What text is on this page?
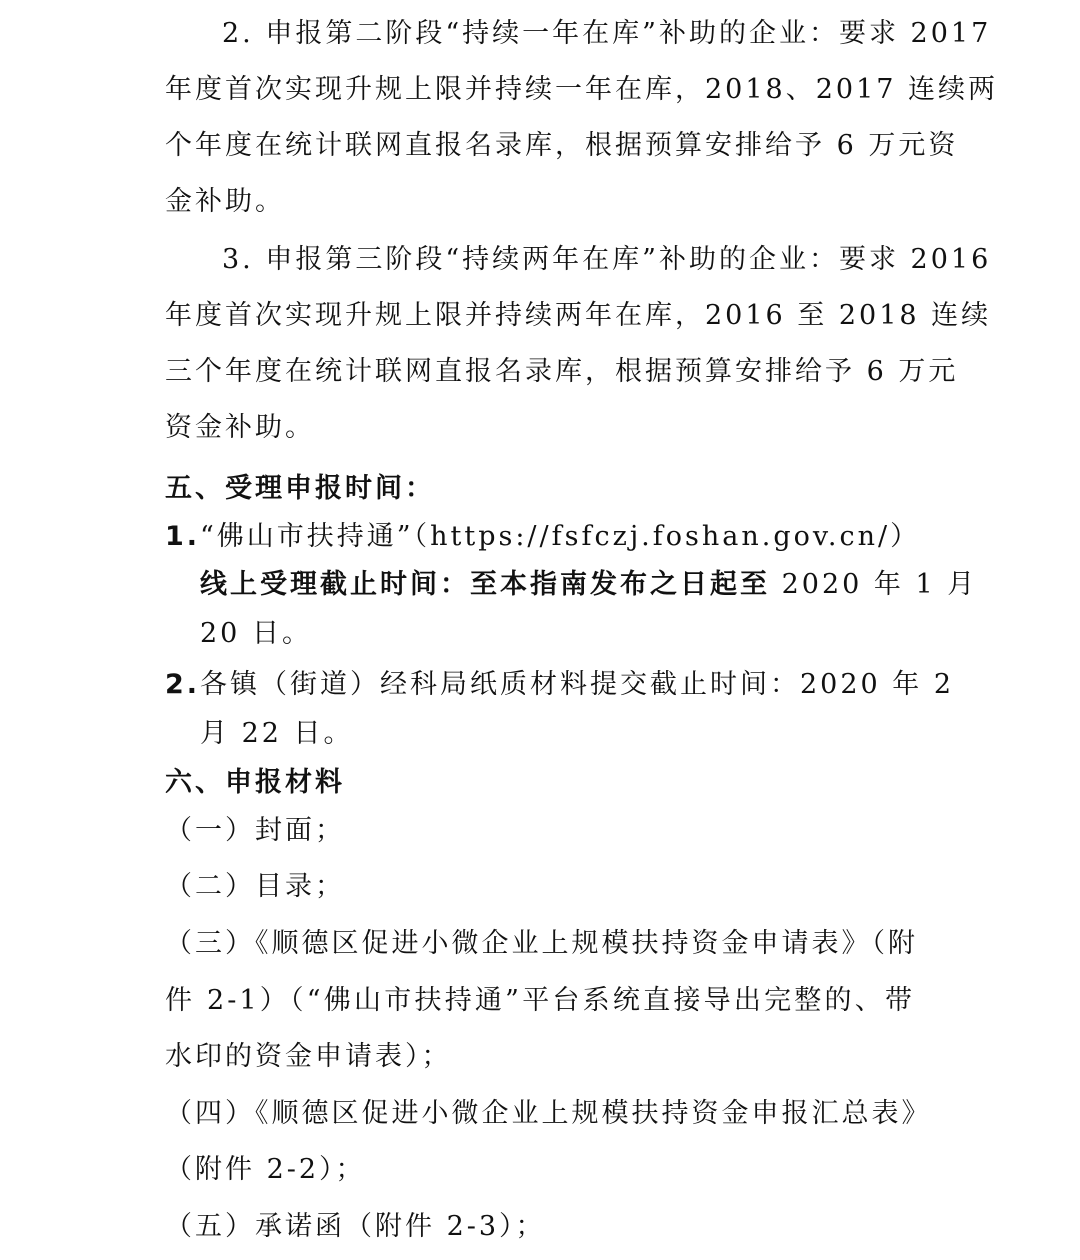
2. 申报第二阶段“持续一年在库”补助的企业：要求 2017
年度首次实现升规上限并持续一年在库，2018、2017 连续两
个年度在统计联网直报名录库，根据预算安排给予 6 万元资
金补助。
3. 申报第三阶段“持续两年在库”补助的企业：要求 2016
年度首次实现升规上限并持续两年在库，2016 至 2018 连续
三个年度在统计联网直报名录库，根据预算安排给予 6 万元
资金补助。
五、受理申报时间：
1.“佛山市扶持通”（https://fsfczj.foshan.gov.cn/）
线上受理截止时间：至本指南发布之日起至 2020 年 1 月
20 日。
2.各镇（街道）经科局纸质材料提交截止时间：2020 年 2
月 22 日。
六、申报材料
（一）封面；
（二）目录；
（三）《顺德区促进小微企业上规模扶持资金申请表》（附
件 2-1）（“佛山市扶持通”平台系统直接导出完整的、带
水印的资金申请表）；
（四）《顺德区促进小微企业上规模扶持资金申报汇总表》
（附件 2-2）；
（五）承诺函（附件 2-3）；
